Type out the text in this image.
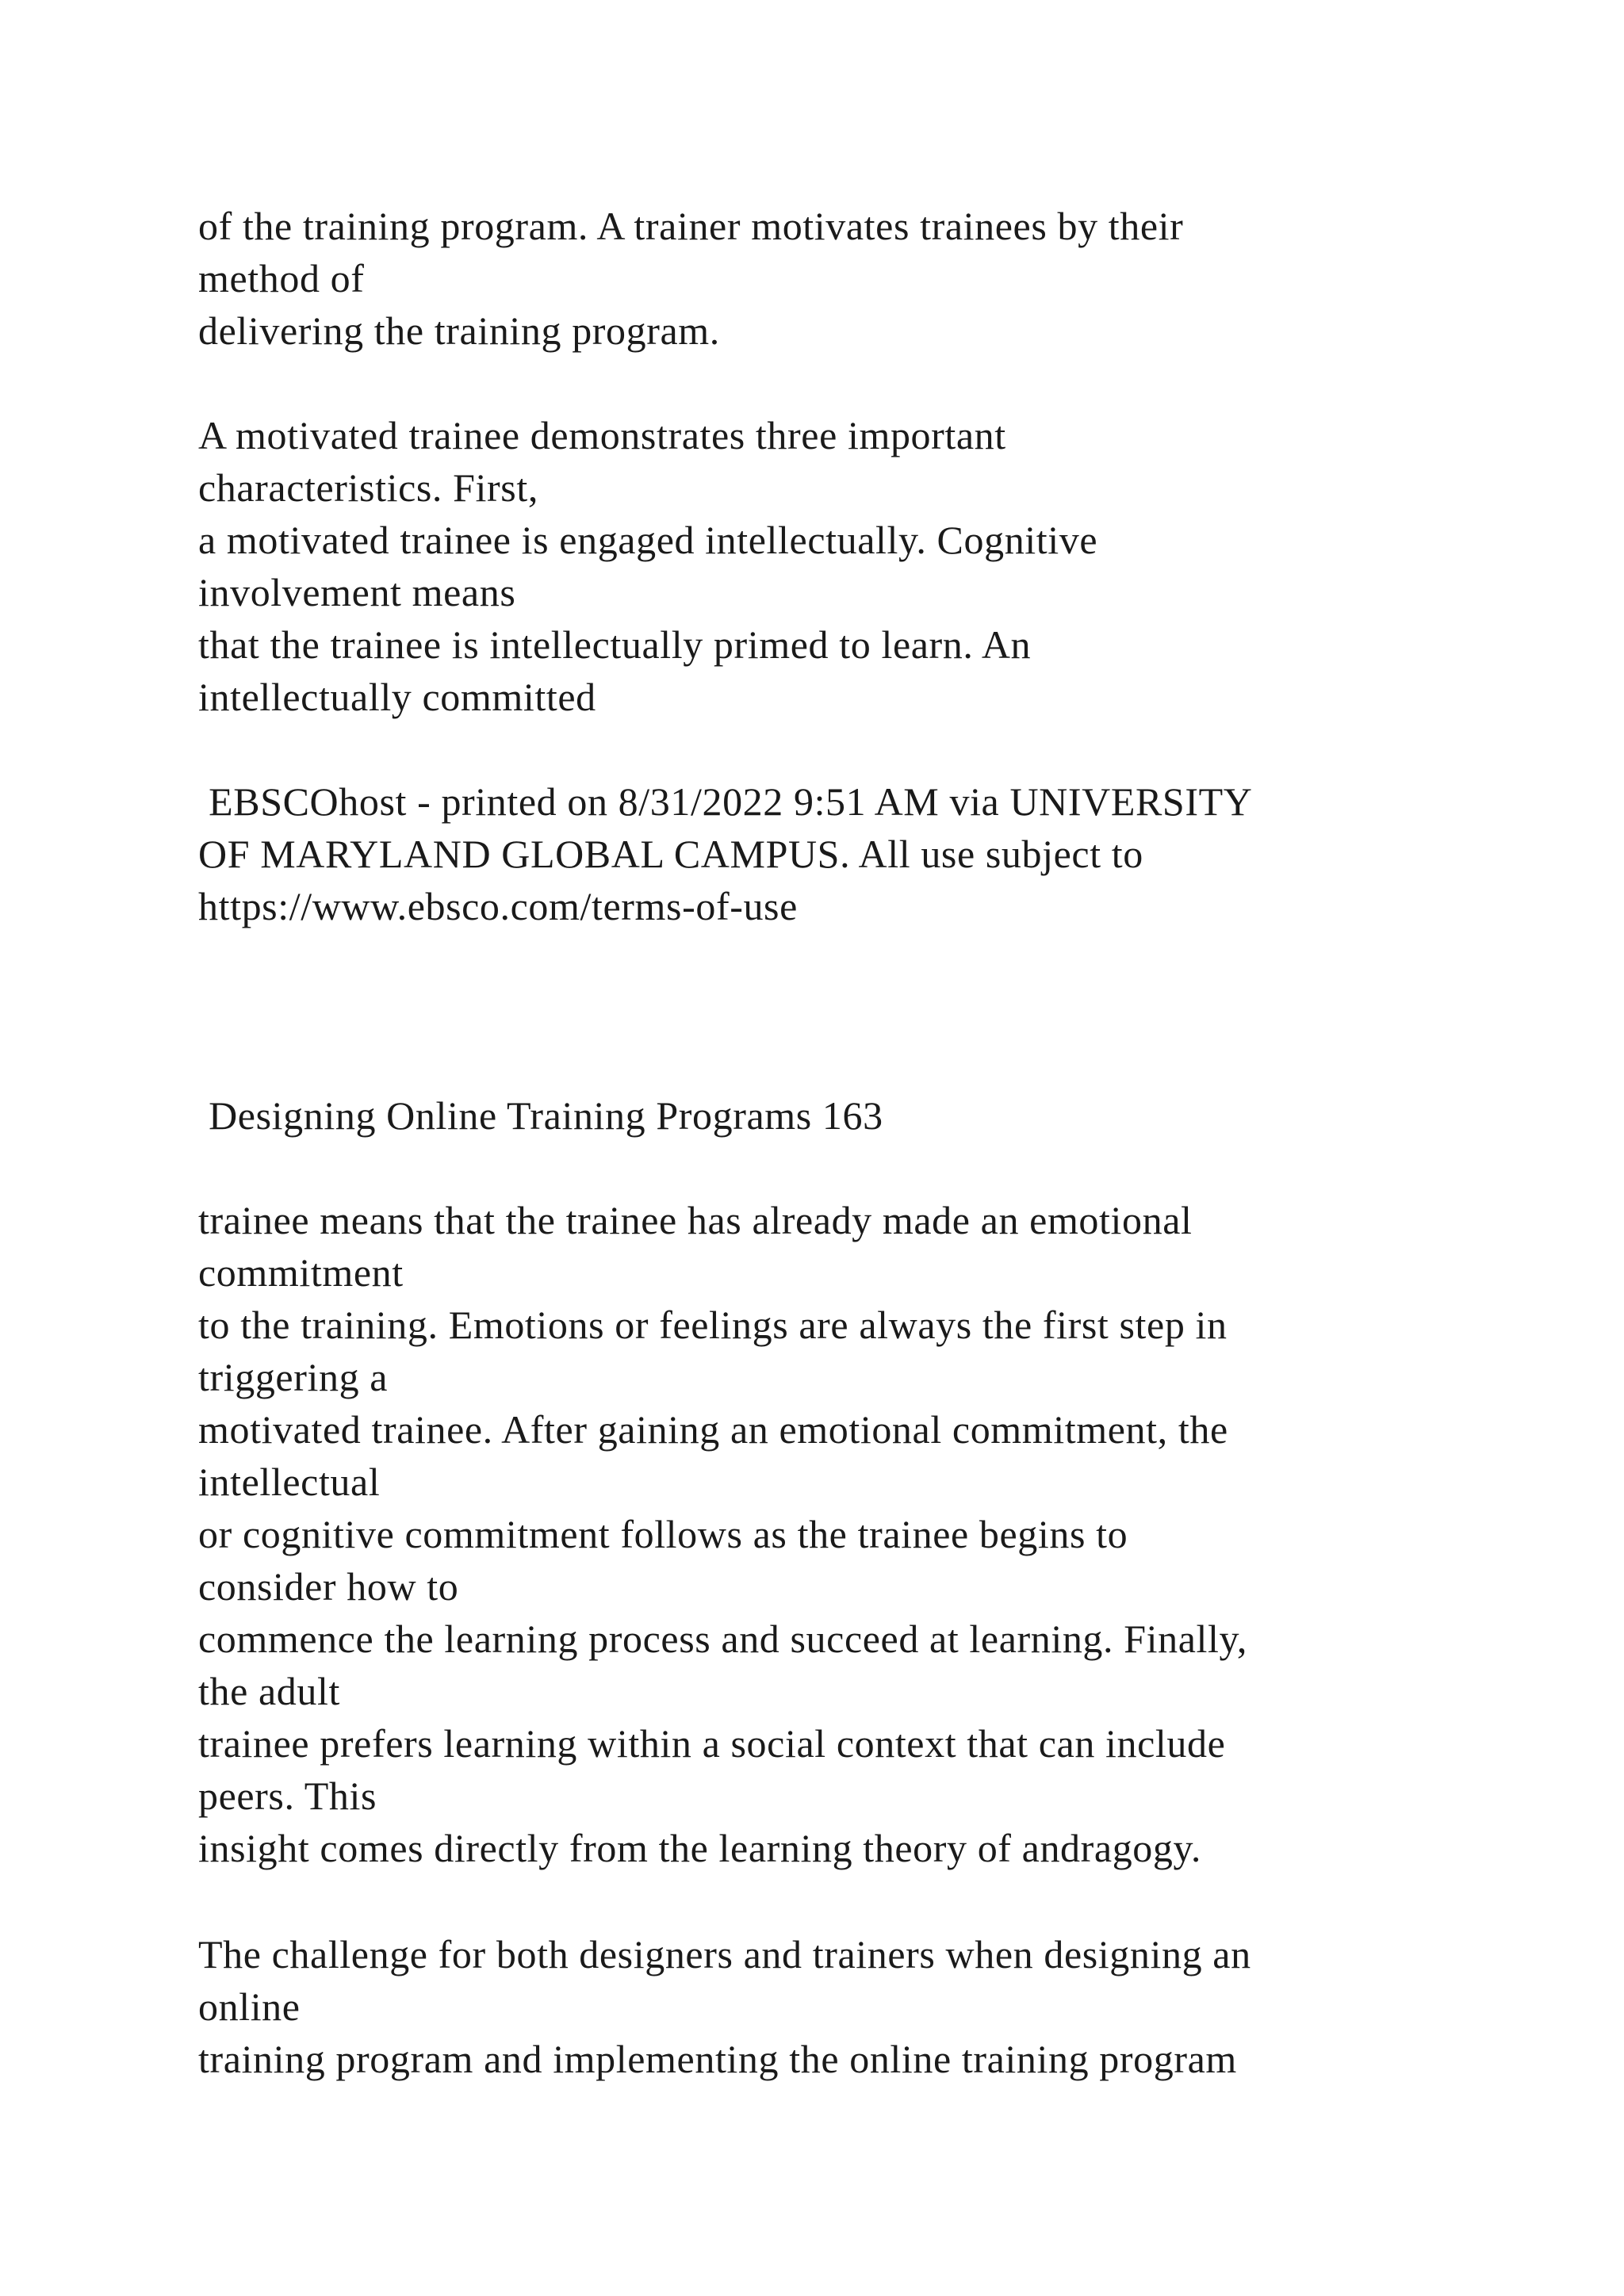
of the training program. A trainer motivates trainees by their
method of
delivering the training program.
A motivated trainee demonstrates three important
characteristics. First,
a motivated trainee is engaged intellectually. Cognitive
involvement means
that the trainee is intellectually primed to learn. An
intellectually committed
EBSCOhost - printed on 8/31/2022 9:51 AM via UNIVERSITY
OF MARYLAND GLOBAL CAMPUS. All use subject to
https://www.ebsco.com/terms-of-use
Designing Online Training Programs 163
trainee means that the trainee has already made an emotional
commitment
to the training. Emotions or feelings are always the first step in
triggering a
motivated trainee. After gaining an emotional commitment, the
intellectual
or cognitive commitment follows as the trainee begins to
consider how to
commence the learning process and succeed at learning. Finally,
the adult
trainee prefers learning within a social context that can include
peers. This
insight comes directly from the learning theory of andragogy.
The challenge for both designers and trainers when designing an
online
training program and implementing the online training program
